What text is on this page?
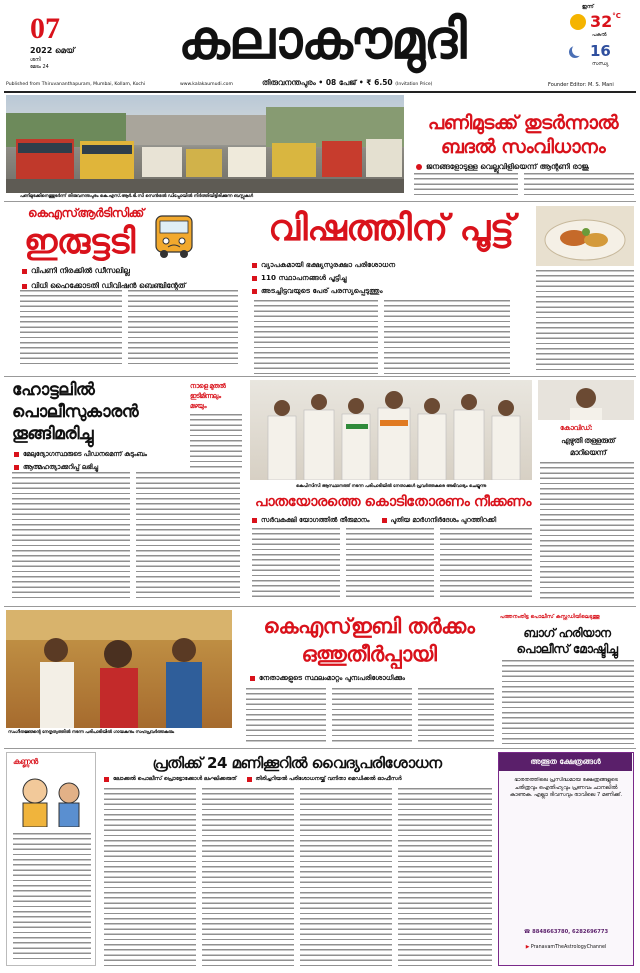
07
2022 മെയ്
ശനി
മേടം 24	കലാകൗമുദി
ഇന്ന്
$32^{^\circ C}$
പകൽ
16
സന്ധ്യ
Published from Thiruvananthapuram, Mumbai, Kollam, Kochi	www.kalakaumudi.com	തിരുവനന്തപുരം • 08 പേജ് • ₹ 6.50 (Invitation Price)	Founder Editor: M. S. Mani
പണിമുടക്കിനെത്തുടർന്ന് തിരുവനന്തപുരം കെ.എസ്.ആർ.ടി.സി സെൻട്രൽ ഡിപ്പോയിൽ നിർത്തിയിട്ടിരിക്കുന്ന ബസ്സുകൾ
പണിമുടക്ക് തുടർന്നാൽ
ബദൽ സംവിധാനം
ജനങ്ങളോടുള്ള വെല്ലുവിളിയെന്ന് ആന്റണി രാജു
കെഎസ്ആർടിസിക്ക്
ഇരുട്ടടി
വിപണി നിരക്കിൽ ഡീസലില്ല
വിധി ഹൈക്കോടതി ഡിവിഷൻ ബെഞ്ചിന്റേത്
വിഷത്തിന് പൂട്ട്
വ്യാപകമായി ഭക്ഷ്യസുരക്ഷാ പരിശോധന
110 സ്ഥാപനങ്ങൾ പൂട്ടിച്ചു
അടച്ചിട്ടവയുടെ പേര് പരസ്യപ്പെടുത്തും
ഹോട്ടലിൽ
പൊലീസുകാരൻ
തൂങ്ങിമരിച്ചു
മേലുദ്യോഗസ്ഥരുടെ പീഡനമെന്ന് കുടുംബം
ആത്മഹത്യാക്കുറിപ്പ് ലഭിച്ചു
നാളെ മുതൽ
ഇടിമിന്നലും
മഴയും
കെപിസിസി ആസ്ഥാനത്ത് നടന്ന പരിപാടിയിൽ നേതാക്കൾ പ്രവർത്തകരെ അഭിവാദ്യം ചെയ്യുന്നു
കോവിഡ്:
എഴുതി തള്ളരുത്
മാറിയെന്ന്
പാതയോരത്തെ കൊടിതോരണം നീക്കണം
സർവകക്ഷി യോഗത്തിൽ തീരുമാനം	പുതിയ മാർഗനിർദേശം പുറത്തിറക്കി
സംഗീതജ്ഞന്റെ നേതൃത്വത്തിൽ നടന്ന പരിപാടിയിൽ ഗായകനും സഹപ്രവർത്തകരും
കെഎസ്ഇബി തർക്കം
ഒത്തുതീർപ്പായി
നേതാക്കളുടെ സ്ഥലംമാറ്റം പുനഃപരിശോധിക്കും
പത്തനംതിട്ട പൊലീസ് കസ്റ്റഡിയിലെടുത്തു
ബാഗ് ഹരിയാന
പൊലീസ് മോഷ്ടിച്ചു
കണ്ണൻ	പ്രതിക്ക് 24 മണിക്കൂറിൽ വൈദ്യപരിശോധന
ലോക്കൽ പൊലീസ് പ്രൊട്ടോക്കോൾ ലംഘിക്കരുത്	തിരിച്ചറിയൽ പരിശോധനയ്ക്ക് വനിതാ മെഡിക്കൽ ഓഫീസർ
അത്ഭുത ക്ഷേത്രങ്ങൾ
ഭാരതത്തിലെ പ്രസിദ്ധമായ ക്ഷേത്രങ്ങളുടെ ചരിത്രവും ഐതിഹ്യവും പ്രണവം ചാനലിൽ കാണുക. എല്ലാ ദിവസവും രാവിലെ 7 മണിക്ക്.
☎ 8848663780, 6282696773
▶ PranavamTheAstrologyChannel
